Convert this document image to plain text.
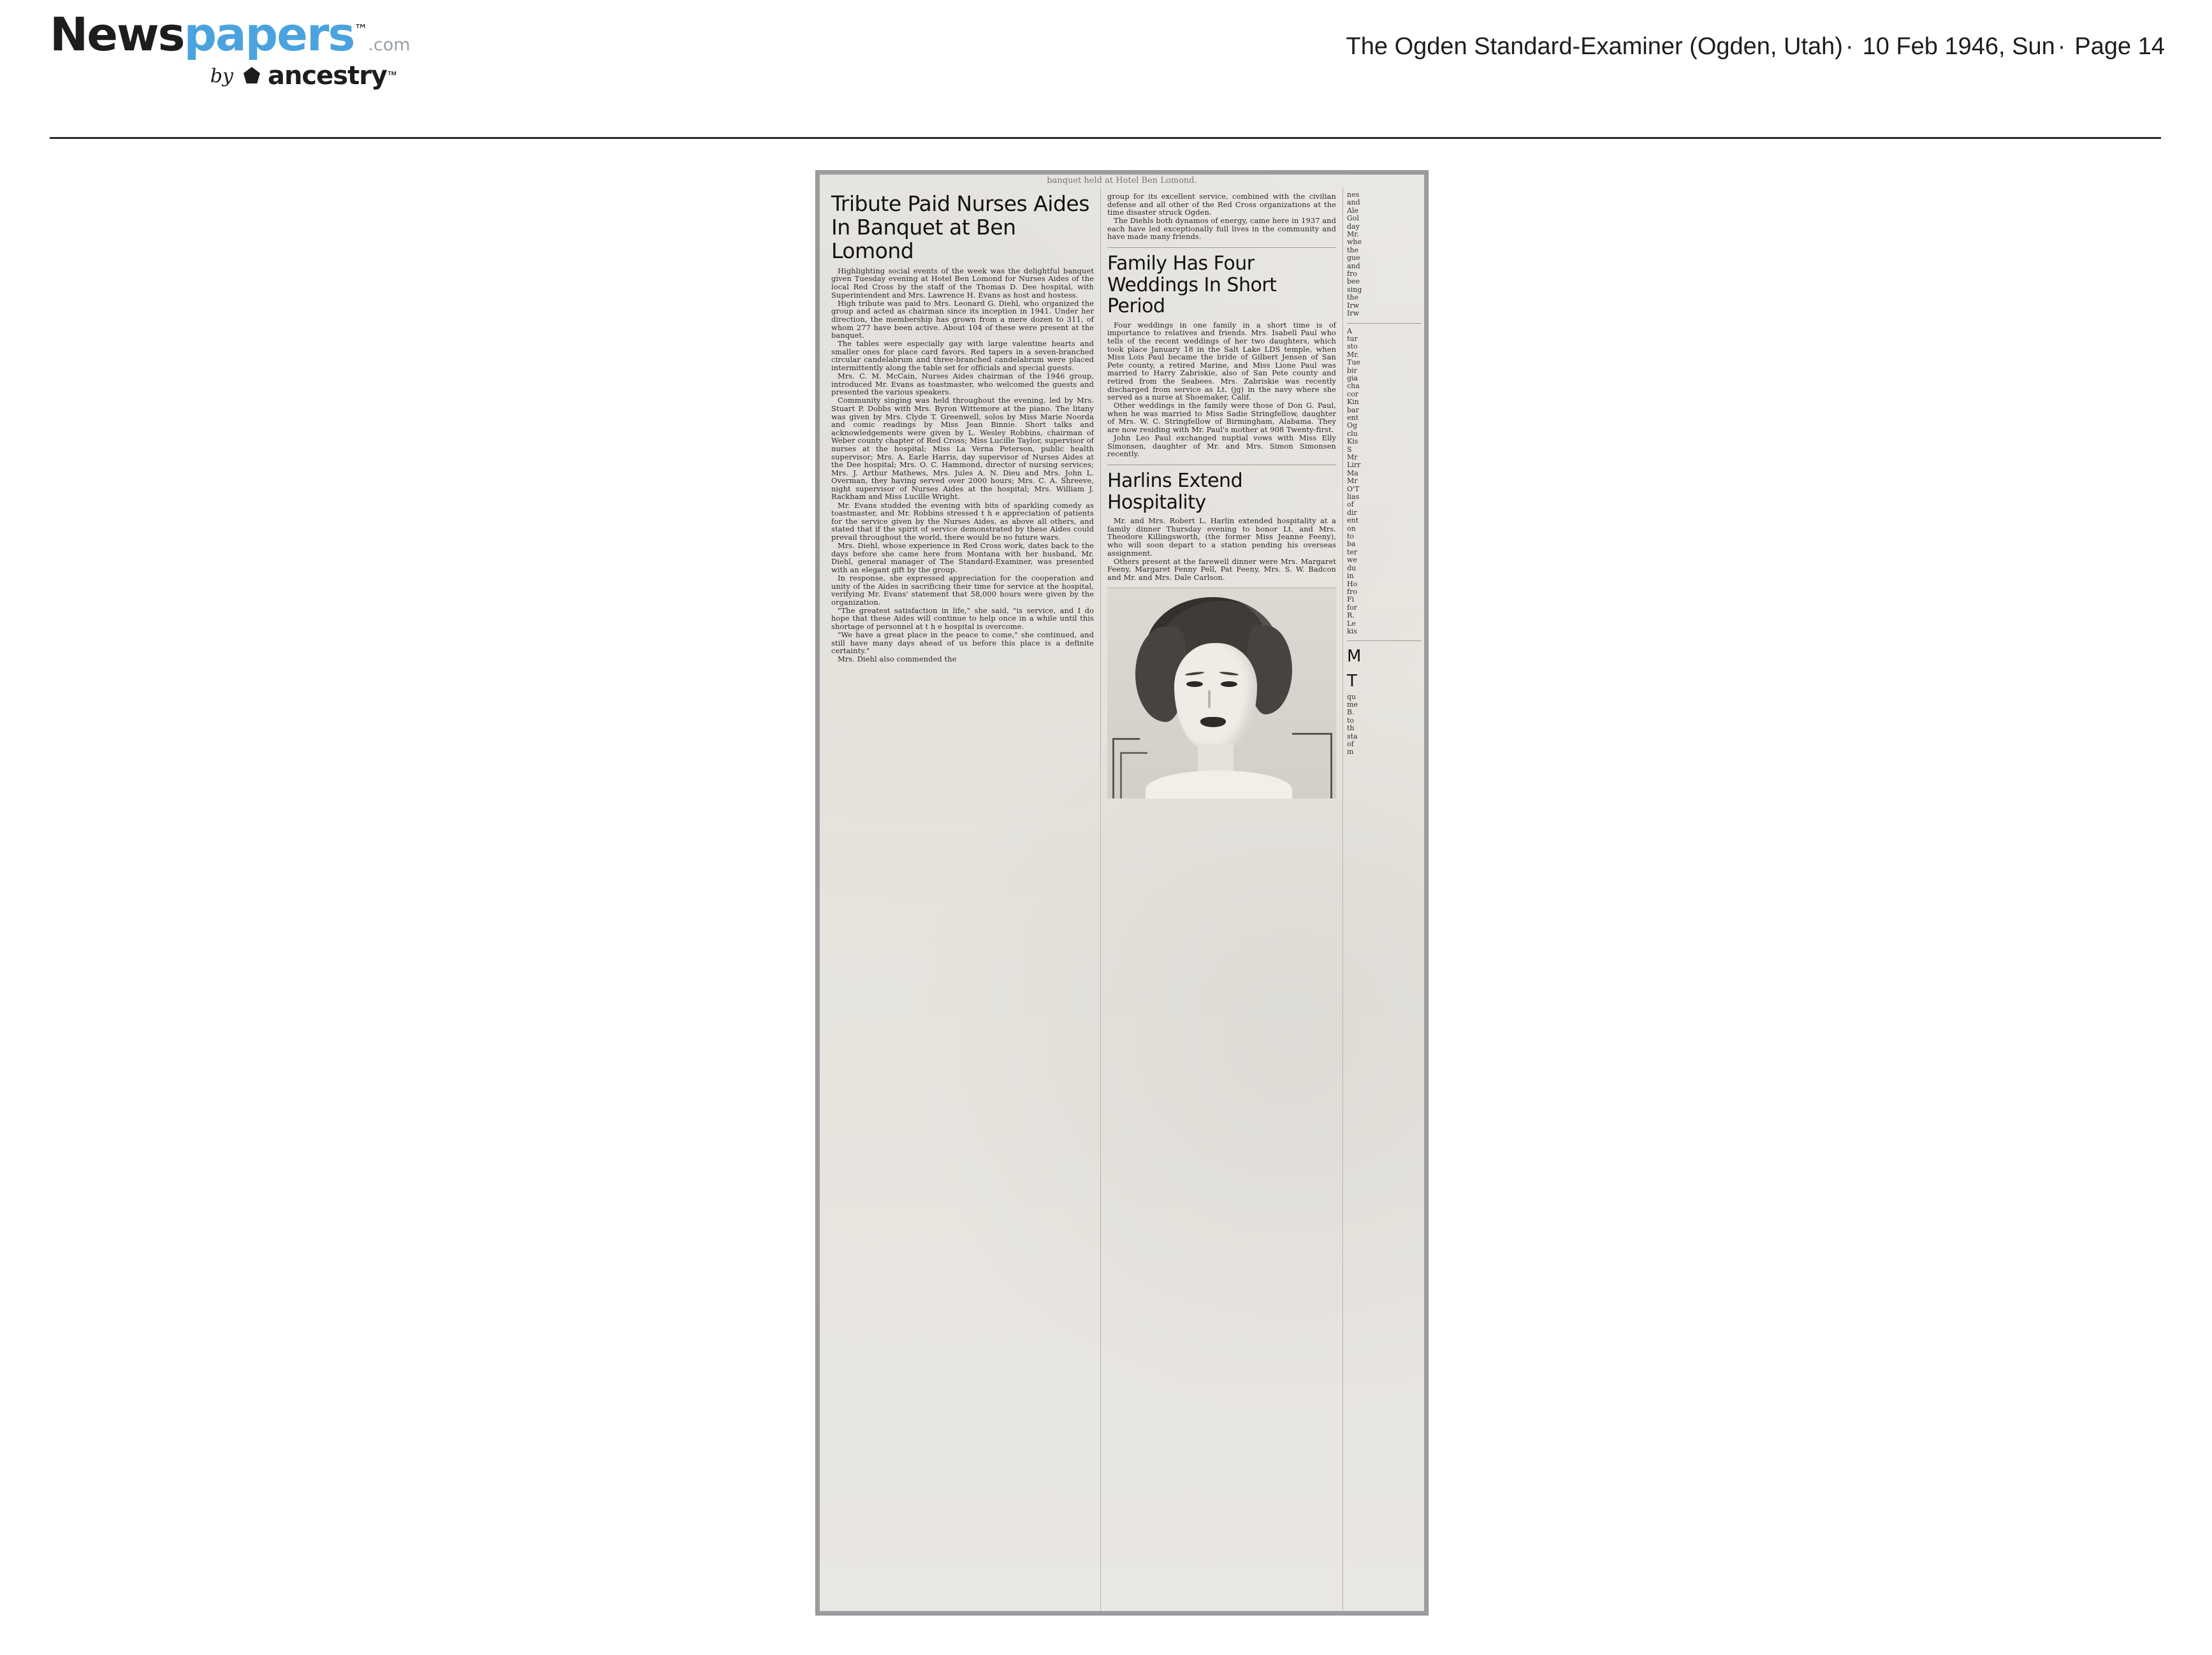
Newspapers™.com
by ancestry ™
The Ogden Standard-Examiner (Ogden, Utah) · 10 Feb 1946, Sun · Page 14
banquet held at Hotel Ben Lomond.
Tribute Paid Nurses Aides In Banquet at Ben Lomond

Highlighting social events of the week was the delightful banquet given Tuesday evening at Hotel Ben Lomond for Nurses Aides of the local Red Cross by the staff of the Thomas D. Dee hospital, with Superintendent and Mrs. Lawrence H. Evans as host and hostess.

High tribute was paid to Mrs. Leonard G. Diehl, who organized the group and acted as chairman since its inception in 1941. Under her direction, the membership has grown from a mere dozen to 311, of whom 277 have been active. About 104 of these were present at the banquet.

The tables were especially gay with large valentine hearts and smaller ones for place card favors. Red tapers in a seven-branched circular candelabrum and three-branched candelabrum were placed intermittently along the table set for officials and special guests.

Mrs. C. M. McCain, Nurses Aides chairman of the 1946 group, introduced Mr. Evans as toastmaster, who welcomed the guests and presented the various speakers.

Community singing was held throughout the evening, led by Mrs. Stuart P. Dobbs with Mrs. Byron Wittemore at the piano. The litany was given by Mrs. Clyde T. Greenwell, solos by Miss Marie Noorda and comic readings by Miss Jean Binnie. Short talks and acknowledgements were given by L. Wesley Robbins, chairman of Weber county chapter of Red Cross; Miss Lucille Taylor, supervisor of nurses at the hospital; Miss La Verna Peterson, public health supervisor; Mrs. A. Earle Harris, day supervisor of Nurses Aides at the Dee hospital; Mrs. O. C. Hammond, director of nursing services; Mrs. J. Arthur Mathews, Mrs. Jules A. N. Dieu and Mrs. John L. Overman, they having served over 2000 hours; Mrs. C. A. Shreeve, night supervisor of Nurses Aides at the hospital; Mrs. William J. Rackham and Miss Lucille Wright.

Mr. Evans studded the evening with bits of sparkling comedy as toastmaster, and Mr. Robbins stressed t h e appreciation of patients for the service given by the Nurses Aides, as above all others, and stated that if the spirit of service demonstrated by these Aides could prevail throughout the world, there would be no future wars.

Mrs. Diehl, whose experience in Red Cross work, dates back to the days before she came here from Montana with her husband, Mr. Diehl, general manager of The Standard-Examiner, was presented with an elegant gift by the group.

In response, she expressed appreciation for the cooperation and unity of the Aides in sacrificing their time for service at the hospital, verifying Mr. Evans' statement that 58,000 hours were given by the organization.

"The greatest satisfaction in life," she said, "is service, and I do hope that these Aides will continue to help once in a while until this shortage of personnel at t h e hospital is overcome.

"We have a great place in the peace to come," she continued, and still have many days ahead of us before this place is a definite certainty."

Mrs. Diehl also commended the

group for its excellent service, combined with the civilian defense and all other of the Red Cross organizations at the time disaster struck Ogden.

The Diehls both dynamos of energy, came here in 1937 and each have led exceptionally full lives in the community and have made many friends.

Family Has Four Weddings In Short Period

Four weddings in one family in a short time is of importance to relatives and friends. Mrs. Isabell Paul who tells of the recent weddings of her two daughters, which took place January 18 in the Salt Lake LDS temple, when Miss Lois Paul became the bride of Gilbert Jensen of San Pete county, a retired Marine, and Miss Lione Paul was married to Harry Zabriskie, also of San Pete county and retired from the Seabees. Mrs. Zabriskie was recently discharged from service as Lt. (jg) in the navy where she served as a nurse at Shoemaker, Calif.

Other weddings in the family were those of Don G. Paul, when he was married to Miss Sadie Stringfellow, daughter of Mrs. W. C. Stringfellow of Birmingham, Alabama. They are now residing with Mr. Paul's mother at 908 Twenty-first.

John Leo Paul exchanged nuptial vows with Miss Elly Simonsen, daughter of Mr. and Mrs. Simon Simonsen recently.

Harlins Extend Hospitality

Mr. and Mrs. Robert L. Harlin extended hospitality at a family dinner Thursday evening to honor Lt. and Mrs. Theodore Killingsworth, (the former Miss Jeanne Feeny), who will soon depart to a station pending his overseas assignment.

Others present at the farewell dinner were Mrs. Margaret Feeny, Margaret Fenny Pell, Pat Feeny, Mrs. S. W. Badcon and Mr. and Mrs. Dale Carlson.

nes
and
Ale
Gol
day
Mr.
whe
the
gue
and
fro
bee
sing
the
Irw
Irw
A
tur
sto
Mr.
Tue
bir
gia
cha
cor
Kin
bar
ent
Og
clu
Kis
S
Mr
Lirr
Ma
Mr
O'T
lias
of
dir
ent
on
to
ba
ter
we
du
in
Ho
fro
Fi
for
R.
Le
kis
M
T
qu
me
B.
to
th
sta
of
m
